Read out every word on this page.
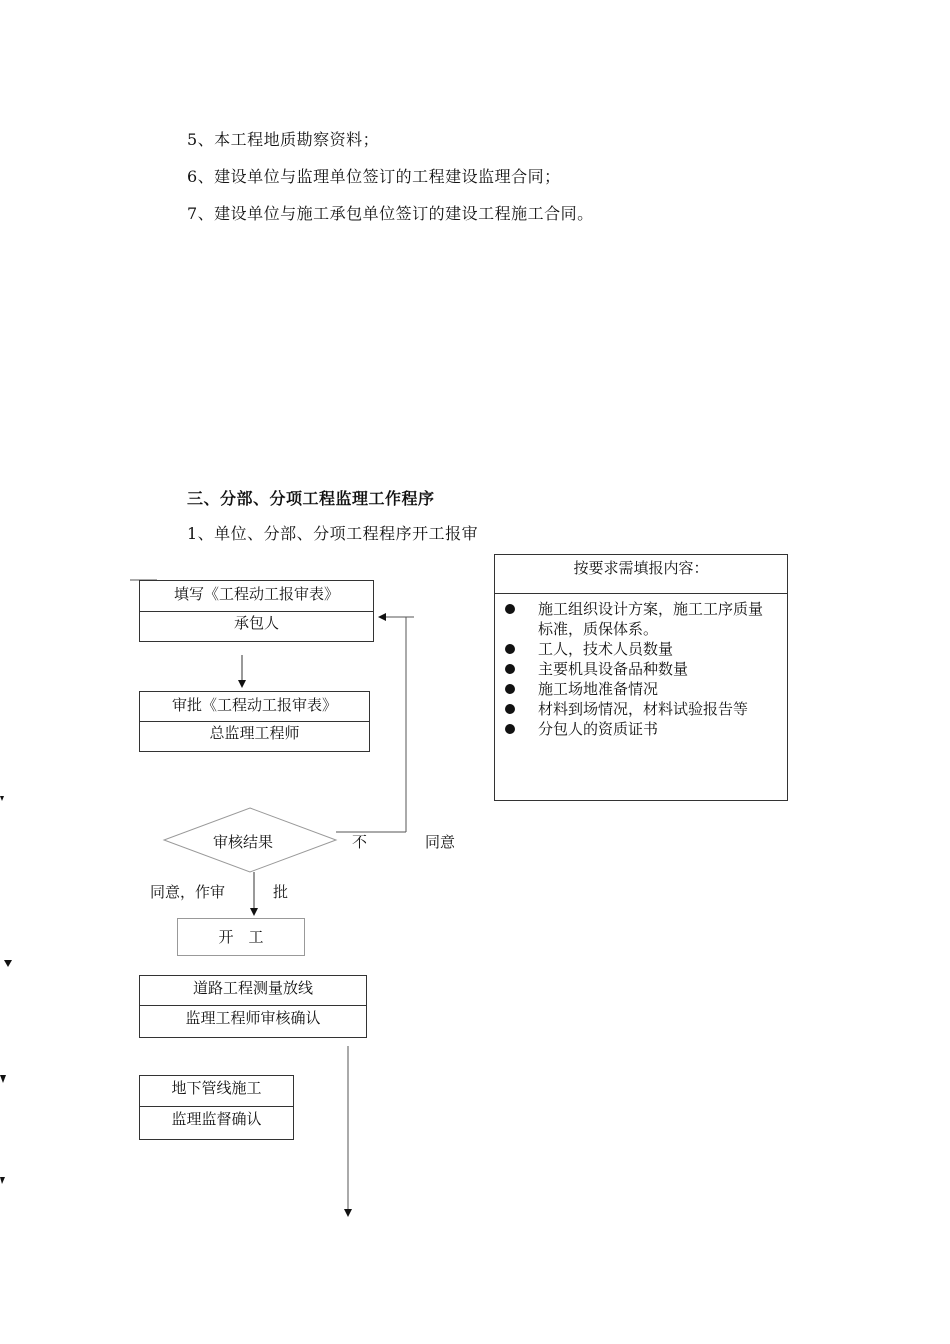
5、本工程地质勘察资料；
6、建设单位与监理单位签订的工程建设监理合同；
7、建设单位与施工承包单位签订的建设工程施工合同。
三、分部、分项工程监理工作程序
1、单位、分部、分项工程程序开工报审
填写《工程动工报审表》
承包人
审批《工程动工报审表》
总监理工程师
审核结果	不	同意
同意，作审	批
开　工
道路工程测量放线
监理工程师审核确认
地下管线施工
监理监督确认
按要求需填报内容：
施工组织设计方案，施工工序质量标准，质保体系。
工人，技术人员数量
主要机具设备品种数量
施工场地准备情况
材料到场情况，材料试验报告等
分包人的资质证书
